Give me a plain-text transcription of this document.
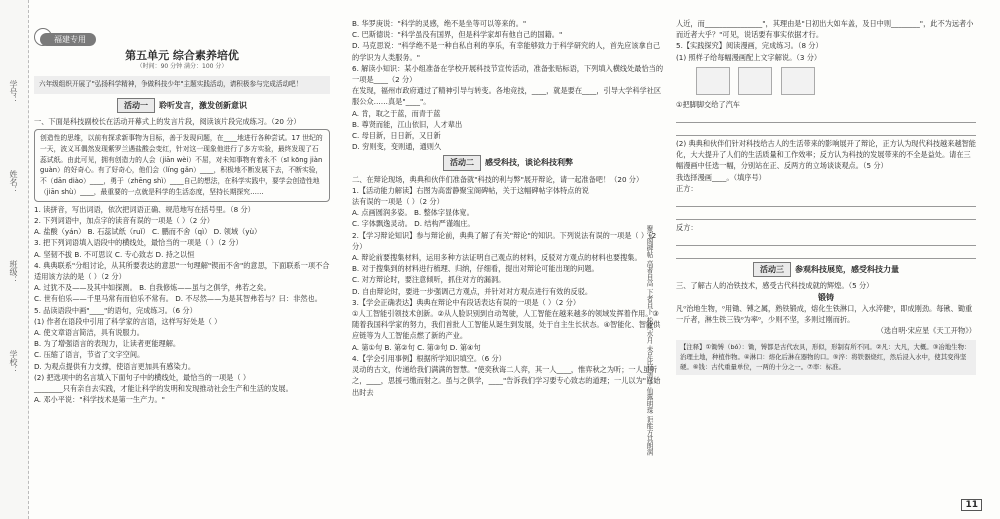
学号：
姓名：
班级：
学校：
福建专用
第五单元 综合素养培优
（时间：90 分钟 满分：100 分）
六年级组织开展了"弘扬科学精神，争做科技少年"主题实践活动，请积极参与完成活动吧！
活动一 聆听发言，激发创新意识
一、下面是科技副校长在活动开幕式上的发言片段，阅读该片段完成练习。（20 分）
创造性的思维，以前有探求新事物为目标，善于发现问题，在____地进行各种尝试。17 世纪的一天，波义耳偶然发现紫罗兰遇盐酸会变红，针对这一现象他进行了多方实验，最终发现了石蕊试纸。由此可见，拥有创造力的人会（jiān wèi）不屈，对未知事物有着永不（sī kōng jiàn guàn）的好奇心。有了好奇心，他们会（líng gǎn）____，积极地不断发展下去，不断实验，不（dān diào）____，勇于（zhēng shì）____自己的想法，在科学实践中，要学会创造性地（jiān shù）____，最重要的一点就是科学的生活态度，坚持长期探究……
1. 读拼音，写出词语，依次把词语正确、规范地写在括号里。（8 分）
2. 下列词语中，加点字的读音有误的一项是（ ）（2 分）
A. 盐酸（yán） B. 石蕊试纸（ruǐ） C. 鹏而不舍（qì） D. 领域（yù）
3. 把下列词语填入语段中的横线处，最恰当的一项是（ ）（2 分）
A. 坚韧不拔 B. 不可思议 C. 专心致志 D. 持之以恒
4. 典典联系"分组讨论，从其所要表达的意思"一句理解"锲而不舍"的意思，下面联系一项不合适用该方法的是（ ）（2 分）
A. 过犹不及——及其中如探测。 B. 自我修炼——虽与之俱学，弗若之矣。
C. 世有伯乐——千里马常有而伯乐不常有。 D. 不尽然——为是其智弗若与？曰：非然也。
5. 品读语段中画"____"的语句，完成练习。（6 分）
(1) 作者在语段中引用了科学家的言语，这样写好处是（ ）
A. 使文章语言简洁，具有说服力。
B. 为了增强语言的表现力，让读者更能理解。
C. 压缩了语言，节省了文字空间。
D. 为观点提供有力支撑，使语言更加具有感染力。
(2) 把选项中的名言填入下面句子中的横线处，最恰当的一项是（ ）
________只有亲自去实践，才能让科学的发明和发现推动社会生产和生活的发展。
A. 邓小平说："科学技术是第一生产力。"
B. 华罗庚说："科学的灵感，绝不是坐等可以等来的。"
C. 巴斯德说："科学虽没有国界，但是科学家却有他自己的国籍。"
D. 马克思说："科学绝不是一种自私自利的享乐，有幸能够致力于科学研究的人，首先应该拿自己的学识为人类服务。"
6. 解读小知识：某小组准备在学校开展科技节宣传活动，准备张贴标语，下列填入横线处最恰当的一项是____（2 分）
在发现，福州市政府通过了精神引导与转变。各地竞技，____，就是要在____，引导大学科学社区服公众……真是"____"。
A. 肯，取之于蓝，而青于蓝
B. 尊贤而能，江山依旧，人才辈出
C. 母目新，日日新，又日新
D. 穷则变，变则通，通则久
活动二 感受科技，谈论科技利弊
二、在辩论现场，典典和伙伴们准备就"科技的利与弊"展开辩论，请一起准备吧！（20 分）
1.【活动能力解读】右图为高雷静聚宝阁碑帖，关于这幅碑帖字体特点的说法有误的一项是（ ）（2 分）
A. 点画圆润多姿。 B. 整体字显体宽。
C. 字体飘逸灵动。 D. 结构严谨端庄。
2.【学习辩论知识】参与辩论前，典典了解了有关"辩论"的知识。下列说法有误的一项是（ ）（2 分）
A. 辩论前要搜集材料，运用多种方法证明自己观点的材料，反驳对方观点的材料也要搜集。
B. 对于搜集到的材料进行梳理、归纳，仔细看，提出对辩论可能出现的问题。
C. 对方辩论时，要注意倾听，抓住对方的漏洞。
D. 自由辩论时，要进一步强调己方观点，并针对对方观点进行有效的反驳。
3.【学会正确表达】典典在辩论中有段话表达有误的一项是（ ）（2 分）
①人工智能引领技术创新。②从人脸识别到自动驾驶，人工智能在越来越多的领域发挥着作用。③随着我国科学家的努力，我们首批人工智能从诞生到发展，处于自主生长状态。④智能化、智能供应链等为人工智能点燃了新的产业。
A. 第①句 B. 第②句 C. 第③句 D. 第④句
4.【学会引用事例】根据所学知识填空。（6 分）
灵动的古文，传递给我们满满的智慧。"使奕秋诲二人弈，其一人____，惟弈秋之为听；一人虽听之，____，思援弓缴而射之。虽与之俱学，____"告诉我们学习要专心致志的道理；一儿以为"日始出时去	聚宝阁碑帖 高者自高 下者自下 松风水月 未足比其清华 仙露明珠 讵能方其朗润
人近，而________________"，其理由是"日初出大如车盖，及日中则________"，此不为远者小而近者大乎？"可见，说话要有事实依据才行。
5.【实践探究】阅读漫画，完成练习。（8 分）
(1) 照样子给每幅漫画配上文字解说。（3 分）

①把脚脚交给了汽车
(2) 典典和伙伴们针对科技给古人的生活带来的影响展开了辩论，正方认为现代科技越来越智能化，大大提升了人们的生活质量和工作效率；反方认为科技的发展带来的不全是益处。请在三幅漫画中任选一幅，分别站在正、反两方的立场谈谈观点。（5 分）
我选择漫画____。（填序号）
正方：
反方：
活动三 参观科技展览，感受科技力量
三、了解古人的冶铁技术，感受古代科技成就的辉煌。（5 分）
锻铸
凡⁰治地生物，⁰用锄、镈之属，熟铁锻成，熔化生铁淋口，入水淬健⁰，即成刚劲。每锹、锄重一斤者，淋生铁三钱⁰为率⁰，少则不坚，多则过刚而折。
（选自明·宋应星《天工开物》）
【注释】①锄镈（bó）：锄，镈都是古代农具，形似，形制有所不同。②凡：大凡，大概。③冶地生物：治理土地，种植作物。④淋口：熔化后淋在器物的口。⑤淬：将铁器烧红，然后浸入水中，使其变得坚硬。⑥钱：古代重量单位，一两的十分之一。⑦率：标准。
11
